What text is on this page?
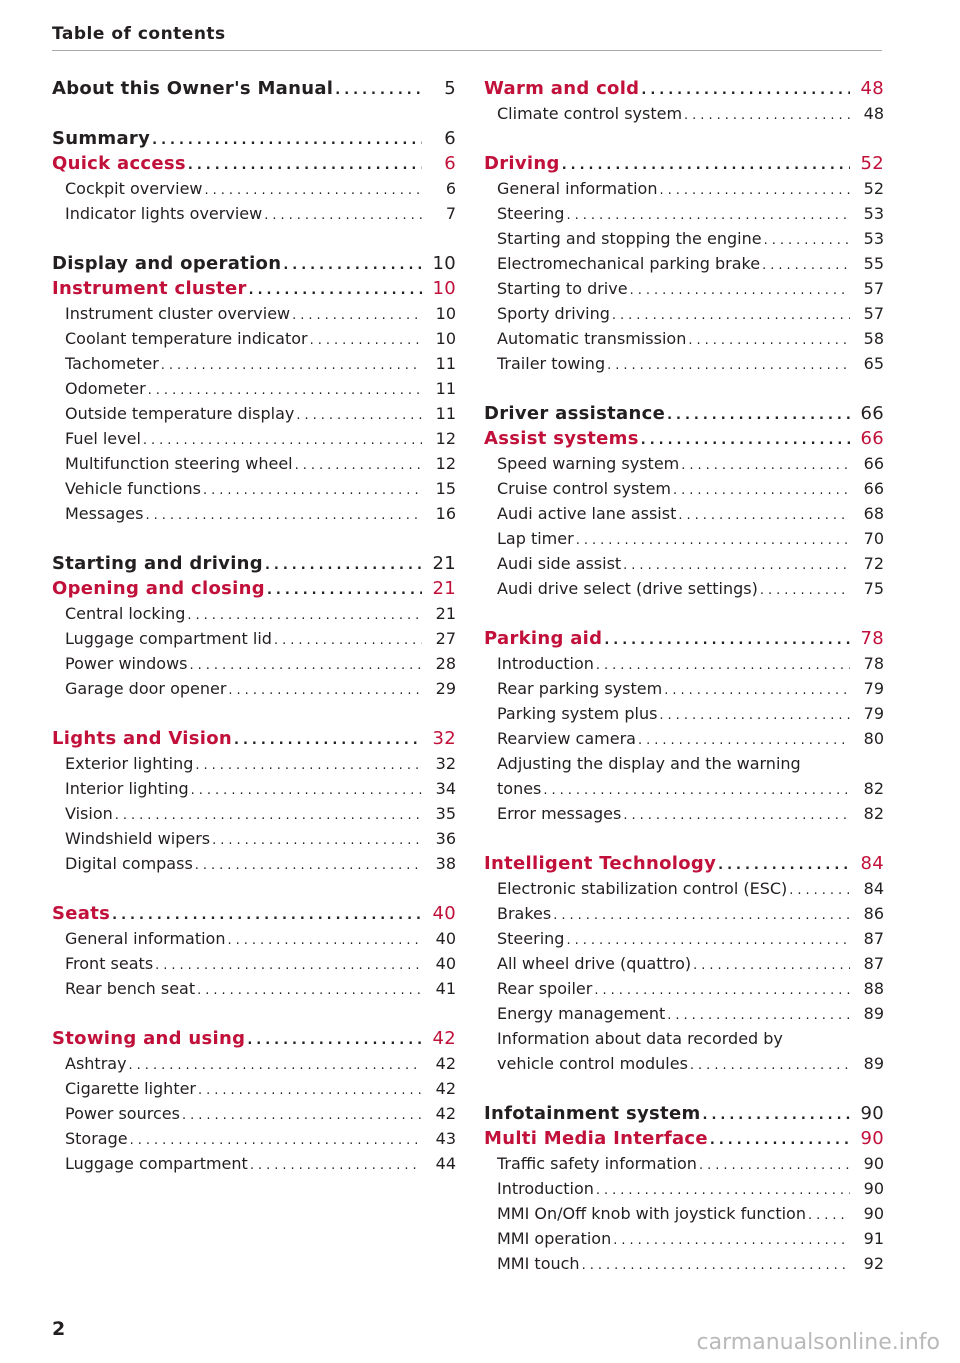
Table of contents
About this Owner's Manual .....	5
Summary .....	6
Quick access .....	6
Cockpit overview .....	6
Indicator lights overview .....	7
Display and operation .....	10
Instrument cluster .....	10
Instrument cluster overview .....	10
Coolant temperature indicator .....	10
Tachometer .....	11
Odometer .....	11
Outside temperature display .....	11
Fuel level .....	12
Multifunction steering wheel .....	12
Vehicle functions .....	15
Messages .....	16
Starting and driving .....	21
Opening and closing .....	21
Central locking .....	21
Luggage compartment lid .....	27
Power windows .....	28
Garage door opener .....	29
Lights and Vision .....	32
Exterior lighting .....	32
Interior lighting .....	34
Vision .....	35
Windshield wipers .....	36
Digital compass .....	38
Seats .....	40
General information .....	40
Front seats .....	40
Rear bench seat .....	41
Stowing and using .....	42
Ashtray .....	42
Cigarette lighter .....	42
Power sources .....	42
Storage .....	43
Luggage compartment .....	44
Warm and cold .....	48
Climate control system .....	48
Driving .....	52
General information .....	52
Steering .....	53
Starting and stopping the engine .....	53
Electromechanical parking brake .....	55
Starting to drive .....	57
Sporty driving .....	57
Automatic transmission .....	58
Trailer towing .....	65
Driver assistance .....	66
Assist systems .....	66
Speed warning system .....	66
Cruise control system .....	66
Audi active lane assist .....	68
Lap timer .....	70
Audi side assist .....	72
Audi drive select (drive settings) .....	75
Parking aid .....	78
Introduction .....	78
Rear parking system .....	79
Parking system plus .....	79
Rearview camera .....	80
Adjusting the display and the warning
tones .....	82
Error messages .....	82
Intelligent Technology .....	84
Electronic stabilization control (ESC) .....	84
Brakes .....	86
Steering .....	87
All wheel drive (quattro) .....	87
Rear spoiler .....	88
Energy management .....	89
Information about data recorded by
vehicle control modules .....	89
Infotainment system .....	90
Multi Media Interface .....	90
Traffic safety information .....	90
Introduction .....	90
MMI On/Off knob with joystick function .....	90
MMI operation .....	91
MMI touch .....	92
2
carmanualsonline.info
